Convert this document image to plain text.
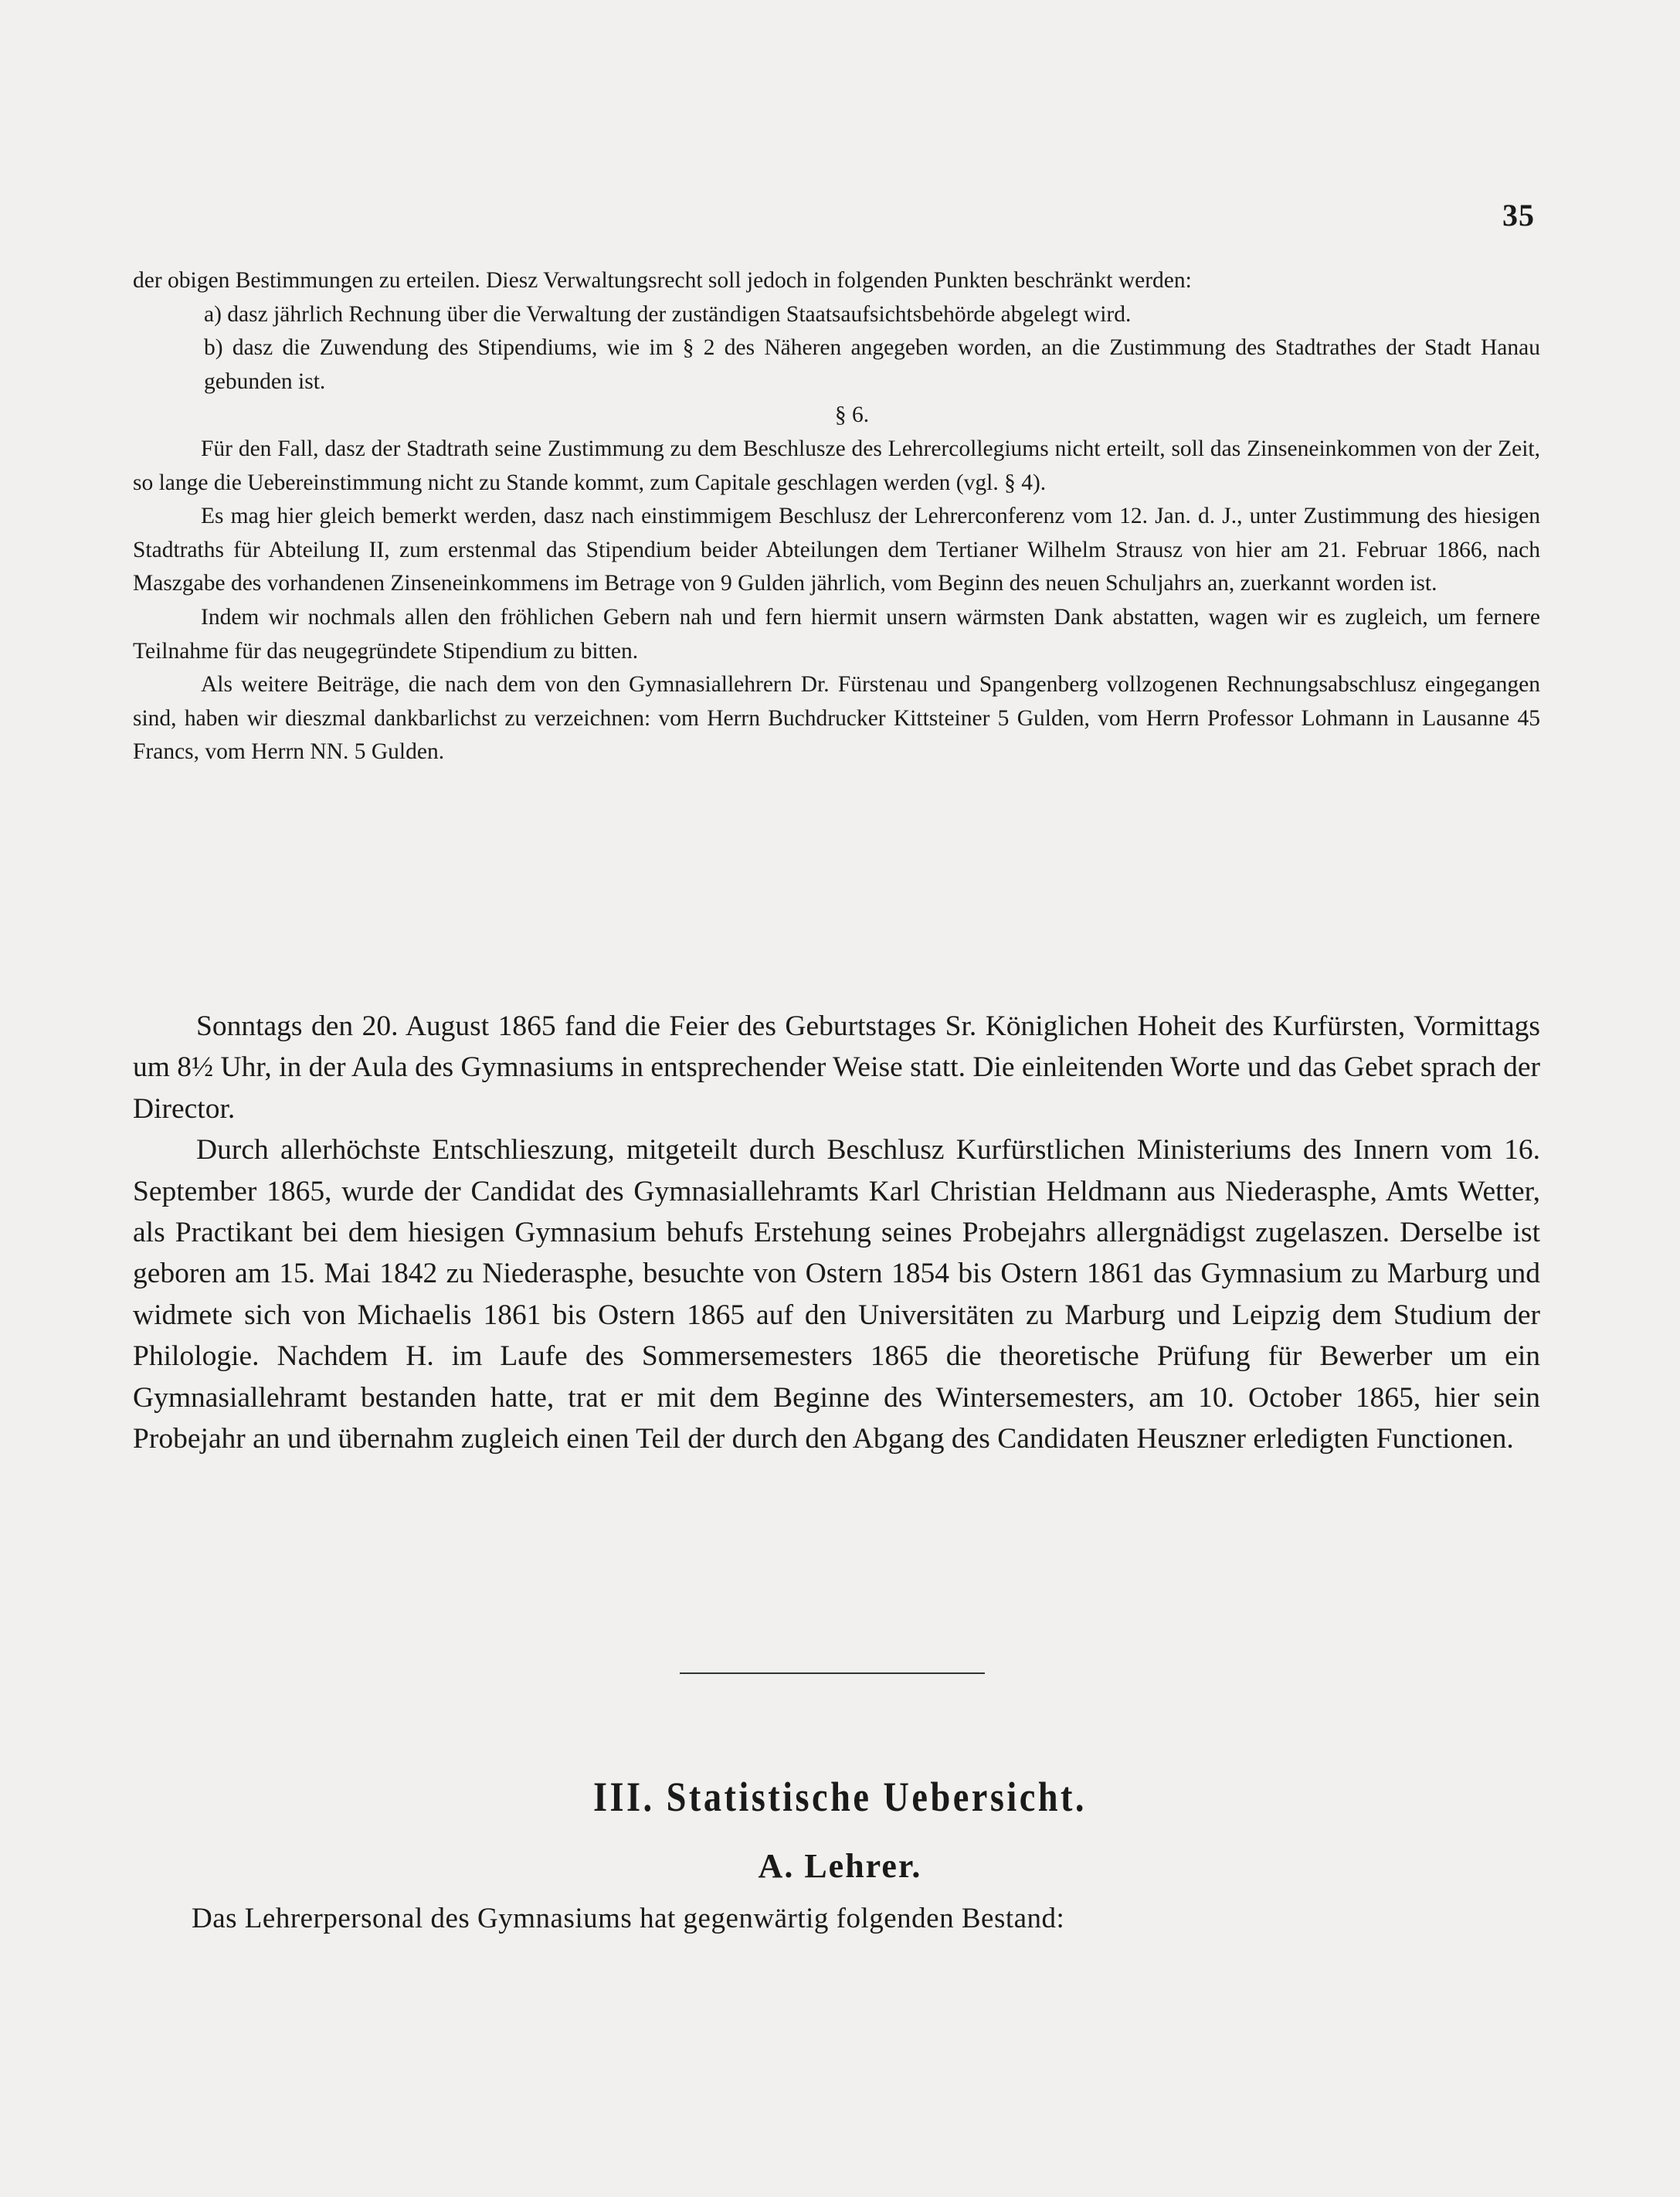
35

der obigen Bestimmungen zu erteilen. Diesz Verwaltungsrecht soll jedoch in folgenden Punkten beschränkt werden:

a) dasz jährlich Rechnung über die Verwaltung der zuständigen Staatsaufsichtsbehörde abgelegt wird.

b) dasz die Zuwendung des Stipendiums, wie im § 2 des Näheren angegeben worden, an die Zustimmung des Stadtrathes der Stadt Hanau gebunden ist.

§ 6.

Für den Fall, dasz der Stadtrath seine Zustimmung zu dem Beschlusze des Lehrercollegiums nicht erteilt, soll das Zinseneinkommen von der Zeit, so lange die Uebereinstimmung nicht zu Stande kommt, zum Capitale geschlagen werden (vgl. § 4).

Es mag hier gleich bemerkt werden, dasz nach einstimmigem Beschlusz der Lehrerconferenz vom 12. Jan. d. J., unter Zustimmung des hiesigen Stadtraths für Abteilung II, zum erstenmal das Stipendium beider Abteilungen dem Tertianer Wilhelm Strausz von hier am 21. Februar 1866, nach Maszgabe des vorhandenen Zinseneinkommens im Betrage von 9 Gulden jährlich, vom Beginn des neuen Schuljahrs an, zuerkannt worden ist.

Indem wir nochmals allen den fröhlichen Gebern nah und fern hiermit unsern wärmsten Dank abstatten, wagen wir es zugleich, um fernere Teilnahme für das neugegründete Stipendium zu bitten.

Als weitere Beiträge, die nach dem von den Gymnasiallehrern Dr. Fürstenau und Spangenberg vollzogenen Rechnungsabschlusz eingegangen sind, haben wir dieszmal dankbarlichst zu verzeichnen: vom Herrn Buchdrucker Kittsteiner 5 Gulden, vom Herrn Professor Lohmann in Lausanne 45 Francs, vom Herrn NN. 5 Gulden.

Sonntags den 20. August 1865 fand die Feier des Geburtstages Sr. Königlichen Hoheit des Kurfürsten, Vormittags um 8½ Uhr, in der Aula des Gymnasiums in entsprechender Weise statt. Die einleitenden Worte und das Gebet sprach der Director.

Durch allerhöchste Entschlieszung, mitgeteilt durch Beschlusz Kurfürstlichen Ministeriums des Innern vom 16. September 1865, wurde der Candidat des Gymnasiallehramts Karl Christian Heldmann aus Niederasphe, Amts Wetter, als Practikant bei dem hiesigen Gymnasium behufs Erstehung seines Probejahrs allergnädigst zugelaszen. Derselbe ist geboren am 15. Mai 1842 zu Niederasphe, besuchte von Ostern 1854 bis Ostern 1861 das Gymnasium zu Marburg und widmete sich von Michaelis 1861 bis Ostern 1865 auf den Universitäten zu Marburg und Leipzig dem Studium der Philologie. Nachdem H. im Laufe des Sommersemesters 1865 die theoretische Prüfung für Bewerber um ein Gymnasiallehramt bestanden hatte, trat er mit dem Beginne des Wintersemesters, am 10. October 1865, hier sein Probejahr an und übernahm zugleich einen Teil der durch den Abgang des Candidaten Heuszner erledigten Functionen.

III. Statistische Uebersicht.
A. Lehrer.
Das Lehrerpersonal des Gymnasiums hat gegenwärtig folgenden Bestand:
